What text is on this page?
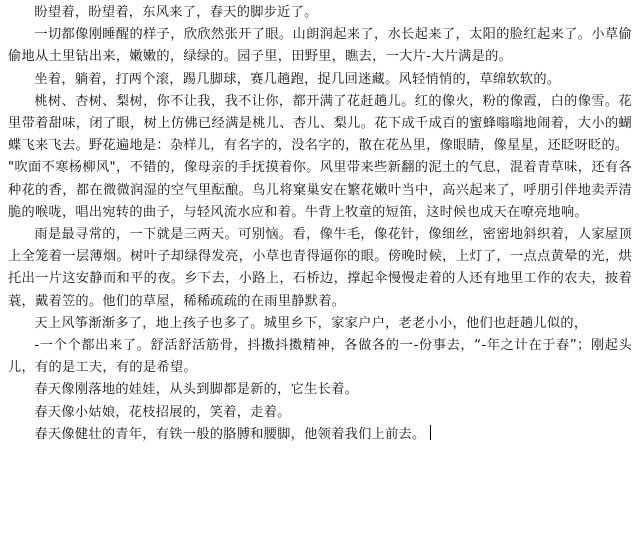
盼望着，盼望着，东风来了，春天的脚步近了。

一切都像刚睡醒的样子，欣欣然张开了眼。山朗润起来了，水长起来了，太阳的脸红起来了。小草偷偷地从土里钻出来，嫩嫩的，绿绿的。园子里，田野里，瞧去，一大片-大片满是的。

坐着，躺着，打两个滚，踢几脚球，赛几趟跑，捉几回迷藏。风轻悄悄的，草绵软软的。

桃树、杏树、梨树，你不让我，我不让你，都开满了花赶趟儿。红的像火，粉的像霞，白的像雪。花里带着甜味，闭了眼，树上仿佛已经满是桃儿、杏儿、梨儿。花下成千成百的蜜蜂嗡嗡地闹着，大小的蝴蝶飞来飞去。野花遍地是：杂样儿，有名字的，没名字的，散在花丛里，像眼睛，像星星，还眨呀眨的。

"吹面不寒杨柳风"，不错的，像母亲的手抚摸着你。风里带来些新翻的泥土的气息，混着青草味，还有各种花的香，都在微微润湿的空气里酝酿。鸟儿将窠巢安在繁花嫩叶当中，高兴起来了，呼朋引伴地卖弄清脆的喉咙，唱出宛转的曲子，与轻风流水应和着。牛背上牧童的短笛，这时候也成天在嘹亮地响。

雨是最寻常的，一下就是三两天。可别恼。看，像牛毛，像花针，像细丝，密密地斜织着，人家屋顶上全笼着一层薄烟。树叶子却绿得发亮，小草也青得逼你的眼。傍晚时候，上灯了，一点点黄晕的光，烘托出一片这安静而和平的夜。乡下去，小路上，石桥边，撑起伞慢慢走着的人还有地里工作的农夫，披着蓑，戴着笠的。他们的草屋，稀稀疏疏的在雨里静默着。

天上风筝渐渐多了，地上孩子也多了。城里乡下，家家户户，老老小小，他们也赶趟儿似的，

-一个个都出来了。舒活舒活筋骨，抖擞抖擞精神，各做各的一-份事去，“-年之计在于春”；刚起头儿，有的是工夫，有的是希望。

春天像刚落地的娃娃，从头到脚都是新的，它生长着。

春天像小姑娘，花枝招展的，笑着，走着。

春天像健壮的青年，有铁一般的胳膊和腰脚，他领着我们上前去。
